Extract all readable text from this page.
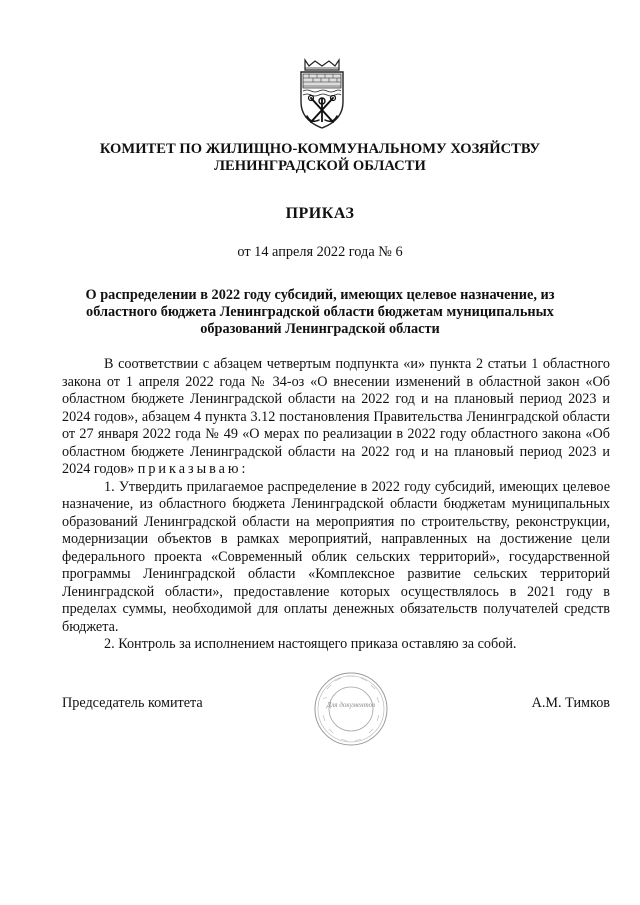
КОМИТЕТ ПО ЖИЛИЩНО-КОММУНАЛЬНОМУ ХОЗЯЙСТВУ
ЛЕНИНГРАДСКОЙ ОБЛАСТИ
ПРИКАЗ
от 14 апреля 2022 года № 6
О распределении в 2022 году субсидий, имеющих целевое назначение, из
областного бюджета Ленинградской области бюджетам муниципальных
образований Ленинградской области

В соответствии с абзацем четвертым подпункта «и» пункта 2 статьи 1 областного закона от 1 апреля 2022 года № 34-оз «О внесении изменений в областной закон «Об областном бюджете Ленинградской области на 2022 год и на плановый период 2023 и 2024 годов», абзацем 4 пункта 3.12 постановления Правительства Ленинградской области от 27 января 2022 года № 49 «О мерах по реализации в 2022 году областного закона «Об областном бюджете Ленинградской области на 2022 год и на плановый период 2023 и 2024 годов» приказываю:

1. Утвердить прилагаемое распределение в 2022 году субсидий, имеющих целевое назначение, из областного бюджета Ленинградской области бюджетам муниципальных образований Ленинградской области на мероприятия по строительству, реконструкции, модернизации объектов в рамках мероприятий, направленных на достижение цели федерального проекта «Современный облик сельских территорий», государственной программы Ленинградской области «Комплексное развитие сельских территорий Ленинградской области», предоставление которых осуществлялось в 2021 году в пределах суммы, необходимой для оплаты денежных обязательств получателей средств бюджета.

2. Контроль за исполнением настоящего приказа оставляю за собой.

Председатель комитета	Для документов	А.М. Тимков
